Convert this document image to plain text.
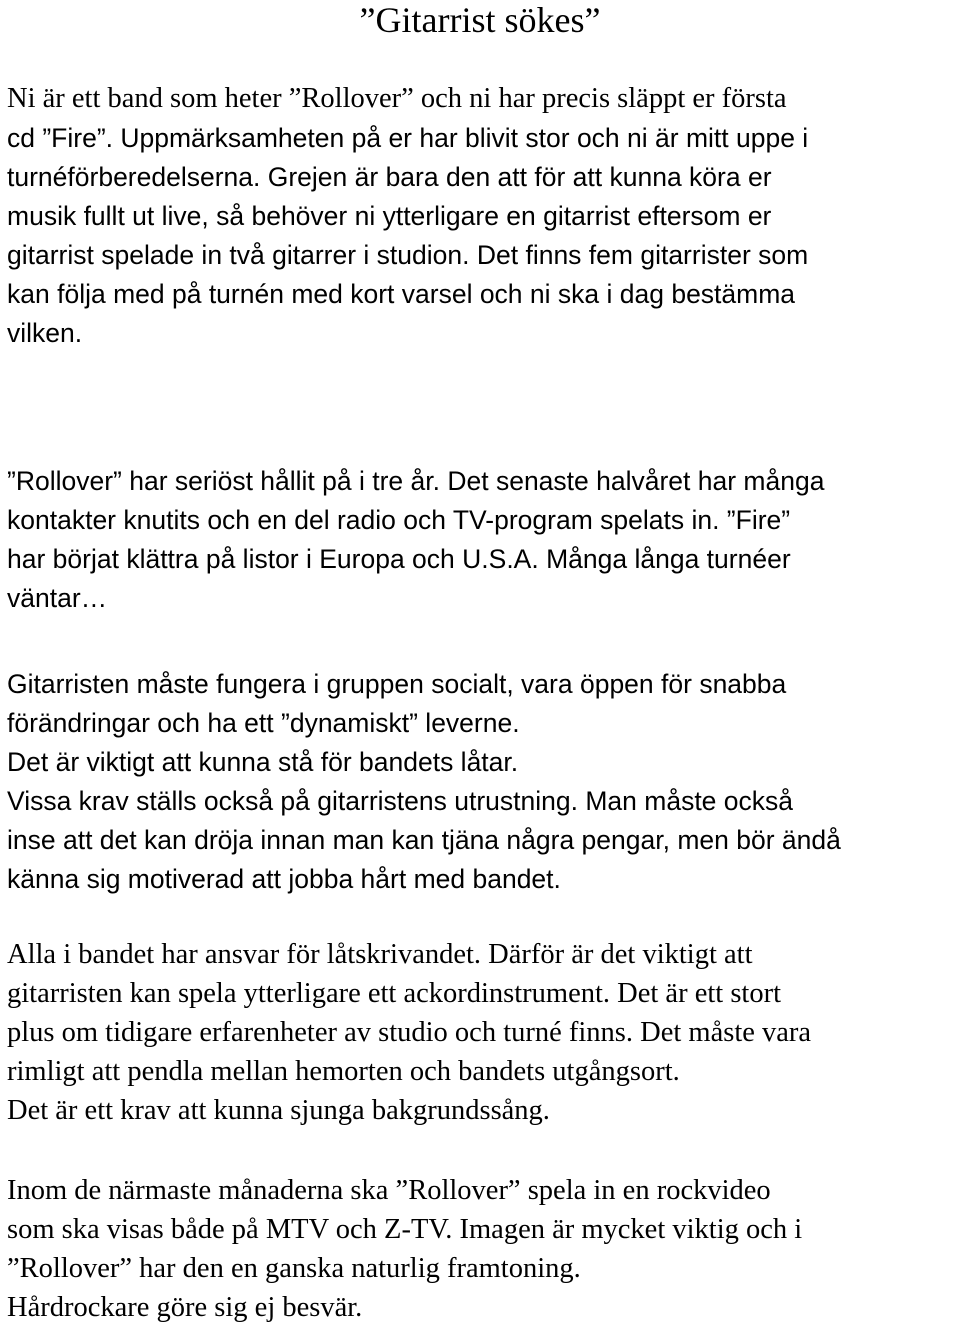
”Gitarrist sökes”
Ni är ett band som heter ”Rollover” och ni har precis släppt er första
cd ”Fire”. Uppmärksamheten på er har blivit stor och ni är mitt uppe i
turnéförberedelserna. Grejen är bara den att för att kunna köra er
musik fullt ut live, så behöver ni ytterligare en gitarrist eftersom er
gitarrist spelade in två gitarrer i studion. Det finns fem gitarrister som
kan följa med på turnén med kort varsel och ni ska i dag bestämma
vilken.
”Rollover” har seriöst hållit på i tre år. Det senaste halvåret har många
kontakter knutits och en del radio och TV-program spelats in. ”Fire”
har börjat klättra på listor i Europa och U.S.A. Många långa turnéer
väntar…
Gitarristen måste fungera i gruppen socialt, vara öppen för snabba
förändringar och ha ett ”dynamiskt” leverne.
Det är viktigt att kunna stå för bandets låtar.
Vissa krav ställs också på gitarristens utrustning. Man måste också
inse att det kan dröja innan man kan tjäna några pengar, men bör ändå
känna sig motiverad att jobba hårt med bandet.
Alla i bandet har ansvar för låtskrivandet. Därför är det viktigt att
gitarristen kan spela ytterligare ett ackordinstrument. Det är ett stort
plus om tidigare erfarenheter av studio och turné finns. Det måste vara
rimligt att pendla mellan hemorten och bandets utgångsort.
Det är ett krav att kunna sjunga bakgrundssång.
Inom de närmaste månaderna ska ”Rollover” spela in en rockvideo
som ska visas både på MTV och Z-TV. Imagen är mycket viktig och i
”Rollover” har den en ganska naturlig framtoning.
Hårdrockare göre sig ej besvär.
